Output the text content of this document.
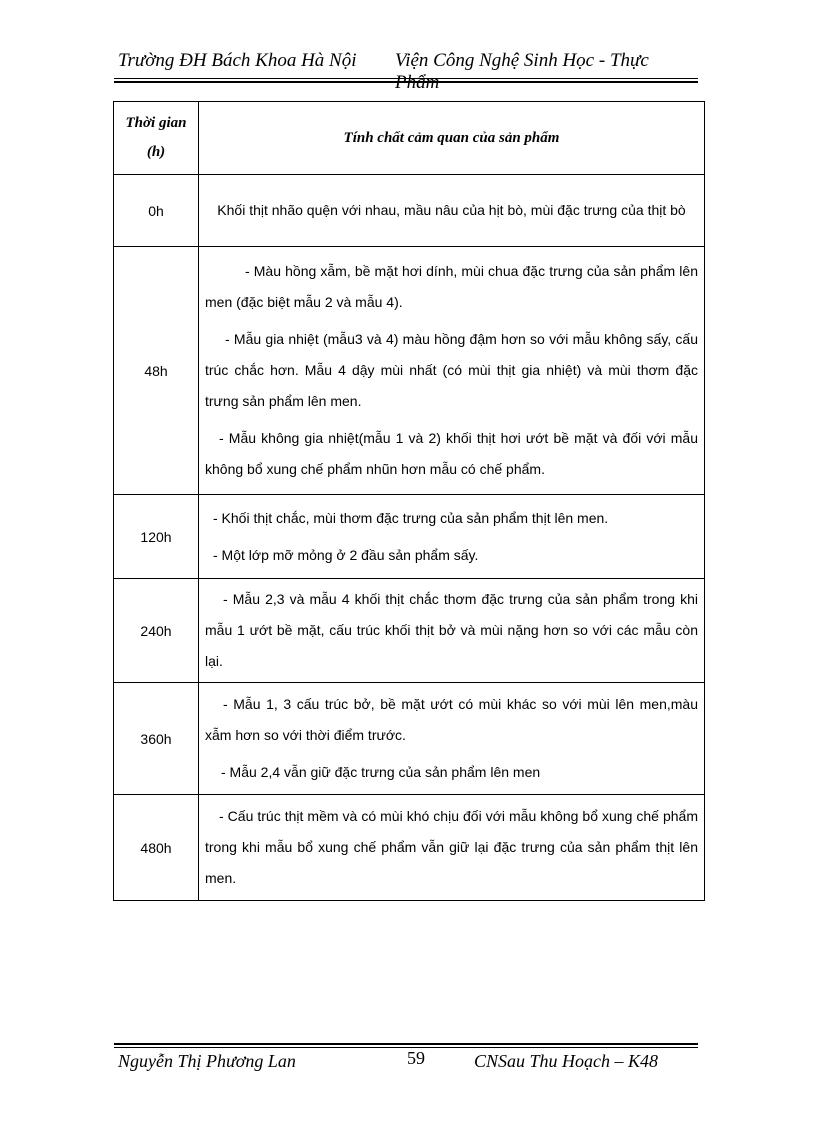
Trường ĐH Bách Khoa Hà Nội Viện Công Nghệ Sinh Học - Thực Phẩm
Thời gian
(h)	Tính chất cảm quan của sản phẩm
0h	Khối thịt nhão quện với nhau, mầu nâu của hịt bò, mùi đặc trưng của thịt bò

48h	- Màu hồng xẫm, bề mặt hơi dính, mùi chua đặc trưng của sản phẩm lên men (đặc biệt mẫu 2 và mẫu 4).

- Mẫu gia nhiệt (mẫu3 và 4) màu hồng đậm hơn so với mẫu không sấy, cấu trúc chắc hơn. Mẫu 4 dậy mùi nhất (có mùi thịt gia nhiệt) và mùi thơm đặc trưng sản phẩm lên men.

- Mẫu không gia nhiệt(mẫu 1 và 2) khối thịt hơi ướt bề mặt và đối với mẫu không bổ xung chế phẩm nhũn hơn mẫu có chế phẩm.

120h	- Khối thịt chắc, mùi thơm đặc trưng của sản phẩm thịt lên men.

- Một lớp mỡ mỏng ở 2 đầu sản phẩm sấy.

240h	- Mẫu 2,3 và mẫu 4 khối thịt chắc thơm đặc trưng của sản phẩm trong khi mẫu 1 ướt bề mặt, cấu trúc khối thịt bở và mùi nặng hơn so với các mẫu còn lại.

360h	- Mẫu 1, 3 cấu trúc bở, bề mặt ướt có mùi khác so với mùi lên men,màu xẫm hơn so với thời điểm trước.

- Mẫu 2,4 vẫn giữ đặc trưng của sản phẩm lên men

480h	- Cấu trúc thịt mềm và có mùi khó chịu đối với mẫu không bổ xung chế phẩm trong khi mẫu bổ xung chế phẩm vẫn giữ lại đặc trưng của sản phẩm thịt lên men.

Nguyễn Thị Phương Lan	59	CNSau Thu Hoạch – K48
